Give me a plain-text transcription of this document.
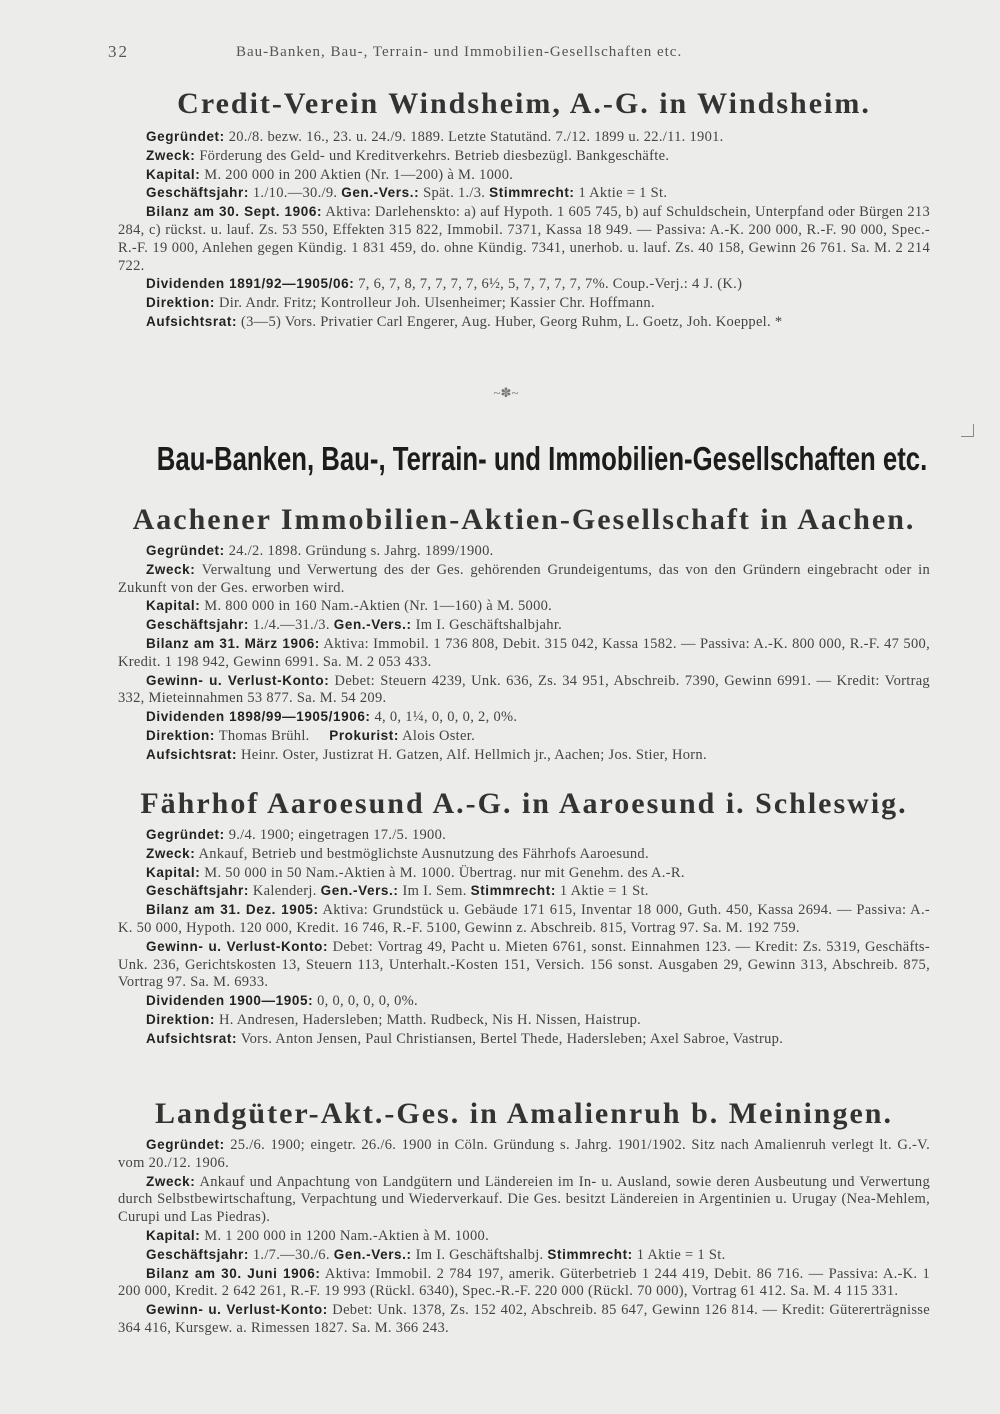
32	Bau-Banken, Bau-, Terrain- und Immobilien-Gesellschaften etc.
Credit-Verein Windsheim, A.-G. in Windsheim.

Gegründet: 20./8. bezw. 16., 23. u. 24./9. 1889. Letzte Statutänd. 7./12. 1899 u. 22./11. 1901.

Zweck: Förderung des Geld- und Kreditverkehrs. Betrieb diesbezügl. Bankgeschäfte.

Kapital: M. 200 000 in 200 Aktien (Nr. 1—200) à M. 1000.

Geschäftsjahr: 1./10.—30./9. Gen.-Vers.: Spät. 1./3. Stimmrecht: 1 Aktie = 1 St.

Bilanz am 30. Sept. 1906: Aktiva: Darlehenskto: a) auf Hypoth. 1 605 745, b) auf Schuldschein, Unterpfand oder Bürgen 213 284, c) rückst. u. lauf. Zs. 53 550, Effekten 315 822, Immobil. 7371, Kassa 18 949. — Passiva: A.-K. 200 000, R.-F. 90 000, Spec.-R.-F. 19 000, Anlehen gegen Kündig. 1 831 459, do. ohne Kündig. 7341, unerhob. u. lauf. Zs. 40 158, Gewinn 26 761. Sa. M. 2 214 722.

Dividenden 1891/92—1905/06: 7, 6, 7, 8, 7, 7, 7, 7, 6½, 5, 7, 7, 7, 7, 7%. Coup.-Verj.: 4 J. (K.)

Direktion: Dir. Andr. Fritz; Kontrolleur Joh. Ulsenheimer; Kassier Chr. Hoffmann.

Aufsichtsrat: (3—5) Vors. Privatier Carl Engerer, Aug. Huber, Georg Ruhm, L. Goetz, Joh. Koeppel. *

~✽~
Bau-Banken, Bau-, Terrain- und Immobilien-Gesellschaften etc.
Aachener Immobilien-Aktien-Gesellschaft in Aachen.

Gegründet: 24./2. 1898. Gründung s. Jahrg. 1899/1900.

Zweck: Verwaltung und Verwertung des der Ges. gehörenden Grundeigentums, das von den Gründern eingebracht oder in Zukunft von der Ges. erworben wird.

Kapital: M. 800 000 in 160 Nam.-Aktien (Nr. 1—160) à M. 5000.

Geschäftsjahr: 1./4.—31./3. Gen.-Vers.: Im I. Geschäftshalbjahr.

Bilanz am 31. März 1906: Aktiva: Immobil. 1 736 808, Debit. 315 042, Kassa 1582. — Passiva: A.-K. 800 000, R.-F. 47 500, Kredit. 1 198 942, Gewinn 6991. Sa. M. 2 053 433.

Gewinn- u. Verlust-Konto: Debet: Steuern 4239, Unk. 636, Zs. 34 951, Abschreib. 7390, Gewinn 6991. — Kredit: Vortrag 332, Mieteinnahmen 53 877. Sa. M. 54 209.

Dividenden 1898/99—1905/1906: 4, 0, 1¼, 0, 0, 0, 2, 0%.

Direktion: Thomas Brühl. Prokurist: Alois Oster.

Aufsichtsrat: Heinr. Oster, Justizrat H. Gatzen, Alf. Hellmich jr., Aachen; Jos. Stier, Horn.

Fährhof Aaroesund A.-G. in Aaroesund i. Schleswig.

Gegründet: 9./4. 1900; eingetragen 17./5. 1900.

Zweck: Ankauf, Betrieb und bestmöglichste Ausnutzung des Fährhofs Aaroesund.

Kapital: M. 50 000 in 50 Nam.-Aktien à M. 1000. Übertrag. nur mit Genehm. des A.-R.

Geschäftsjahr: Kalenderj. Gen.-Vers.: Im I. Sem. Stimmrecht: 1 Aktie = 1 St.

Bilanz am 31. Dez. 1905: Aktiva: Grundstück u. Gebäude 171 615, Inventar 18 000, Guth. 450, Kassa 2694. — Passiva: A.-K. 50 000, Hypoth. 120 000, Kredit. 16 746, R.-F. 5100, Gewinn z. Abschreib. 815, Vortrag 97. Sa. M. 192 759.

Gewinn- u. Verlust-Konto: Debet: Vortrag 49, Pacht u. Mieten 6761, sonst. Einnahmen 123. — Kredit: Zs. 5319, Geschäfts-Unk. 236, Gerichtskosten 13, Steuern 113, Unterhalt.-Kosten 151, Versich. 156 sonst. Ausgaben 29, Gewinn 313, Abschreib. 875, Vortrag 97. Sa. M. 6933.

Dividenden 1900—1905: 0, 0, 0, 0, 0, 0%.

Direktion: H. Andresen, Hadersleben; Matth. Rudbeck, Nis H. Nissen, Haistrup.

Aufsichtsrat: Vors. Anton Jensen, Paul Christiansen, Bertel Thede, Hadersleben; Axel Sabroe, Vastrup.

Landgüter-Akt.-Ges. in Amalienruh b. Meiningen.

Gegründet: 25./6. 1900; eingetr. 26./6. 1900 in Cöln. Gründung s. Jahrg. 1901/1902. Sitz nach Amalienruh verlegt lt. G.-V. vom 20./12. 1906.

Zweck: Ankauf und Anpachtung von Landgütern und Ländereien im In- u. Ausland, sowie deren Ausbeutung und Verwertung durch Selbstbewirtschaftung, Verpachtung und Wiederverkauf. Die Ges. besitzt Ländereien in Argentinien u. Urugay (Nea-Mehlem, Curupi und Las Piedras).

Kapital: M. 1 200 000 in 1200 Nam.-Aktien à M. 1000.

Geschäftsjahr: 1./7.—30./6. Gen.-Vers.: Im I. Geschäftshalbj. Stimmrecht: 1 Aktie = 1 St.

Bilanz am 30. Juni 1906: Aktiva: Immobil. 2 784 197, amerik. Güterbetrieb 1 244 419, Debit. 86 716. — Passiva: A.-K. 1 200 000, Kredit. 2 642 261, R.-F. 19 993 (Rückl. 6340), Spec.-R.-F. 220 000 (Rückl. 70 000), Vortrag 61 412. Sa. M. 4 115 331.

Gewinn- u. Verlust-Konto: Debet: Unk. 1378, Zs. 152 402, Abschreib. 85 647, Gewinn 126 814. — Kredit: Gütererträgnisse 364 416, Kursgew. a. Rimessen 1827. Sa. M. 366 243.
